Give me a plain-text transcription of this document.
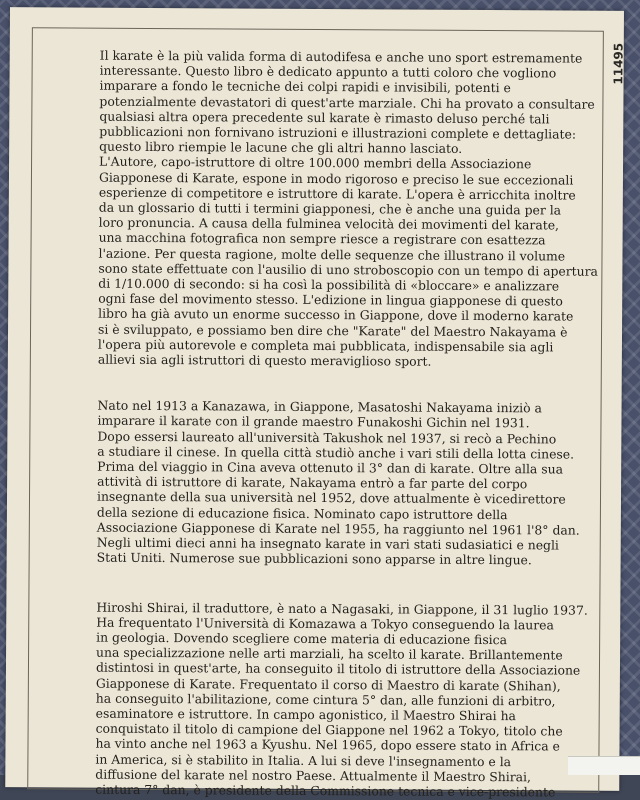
11495

Il karate è la più valida forma di autodifesa e anche uno sport estremamente

interessante. Questo libro è dedicato appunto a tutti coloro che vogliono

imparare a fondo le tecniche dei colpi rapidi e invisibili, potenti e

potenzialmente devastatori di quest'arte marziale. Chi ha provato a consultare

qualsiasi altra opera precedente sul karate è rimasto deluso perché tali

pubblicazioni non fornivano istruzioni e illustrazioni complete e dettagliate:

questo libro riempie le lacune che gli altri hanno lasciato.

L'Autore, capo-istruttore di oltre 100.000 membri della Associazione

Giapponese di Karate, espone in modo rigoroso e preciso le sue eccezionali

esperienze di competitore e istruttore di karate. L'opera è arricchita inoltre

da un glossario di tutti i termini giapponesi, che è anche una guida per la

loro pronuncia. A causa della fulminea velocità dei movimenti del karate,

una macchina fotografica non sempre riesce a registrare con esattezza

l'azione. Per questa ragione, molte delle sequenze che illustrano il volume

sono state effettuate con l'ausilio di uno stroboscopio con un tempo di apertura

di 1/10.000 di secondo: si ha così la possibilità di «bloccare» e analizzare

ogni fase del movimento stesso. L'edizione in lingua giapponese di questo

libro ha già avuto un enorme successo in Giappone, dove il moderno karate

si è sviluppato, e possiamo ben dire che "Karate" del Maestro Nakayama è

l'opera più autorevole e completa mai pubblicata, indispensabile sia agli

allievi sia agli istruttori di questo meraviglioso sport.

Nato nel 1913 a Kanazawa, in Giappone, Masatoshi Nakayama iniziò a

imparare il karate con il grande maestro Funakoshi Gichin nel 1931.

Dopo essersi laureato all'università Takushok nel 1937, si recò a Pechino

a studiare il cinese. In quella città studiò anche i vari stili della lotta cinese.

Prima del viaggio in Cina aveva ottenuto il 3° dan di karate. Oltre alla sua

attività di istruttore di karate, Nakayama entrò a far parte del corpo

insegnante della sua università nel 1952, dove attualmente è vicedirettore

della sezione di educazione fisica. Nominato capo istruttore della

Associazione Giapponese di Karate nel 1955, ha raggiunto nel 1961 l'8° dan.

Negli ultimi dieci anni ha insegnato karate in vari stati sudasiatici e negli

Stati Uniti. Numerose sue pubblicazioni sono apparse in altre lingue.

Hiroshi Shirai, il traduttore, è nato a Nagasaki, in Giappone, il 31 luglio 1937.

Ha frequentato l'Università di Komazawa a Tokyo conseguendo la laurea

in geologia. Dovendo scegliere come materia di educazione fisica

una specializzazione nelle arti marziali, ha scelto il karate. Brillantemente

distintosi in quest'arte, ha conseguito il titolo di istruttore della Associazione

Giapponese di Karate. Frequentato il corso di Maestro di karate (Shihan),

ha conseguito l'abilitazione, come cintura 5° dan, alle funzioni di arbitro,

esaminatore e istruttore. In campo agonistico, il Maestro Shirai ha

conquistato il titolo di campione del Giappone nel 1962 a Tokyo, titolo che

ha vinto anche nel 1963 a Kyushu. Nel 1965, dopo essere stato in Africa e

in America, si è stabilito in Italia. A lui si deve l'insegnamento e la

diffusione del karate nel nostro Paese. Attualmente il Maestro Shirai,

cintura 7° dan, è presidente della Commissione tecnica e vice-presidente
